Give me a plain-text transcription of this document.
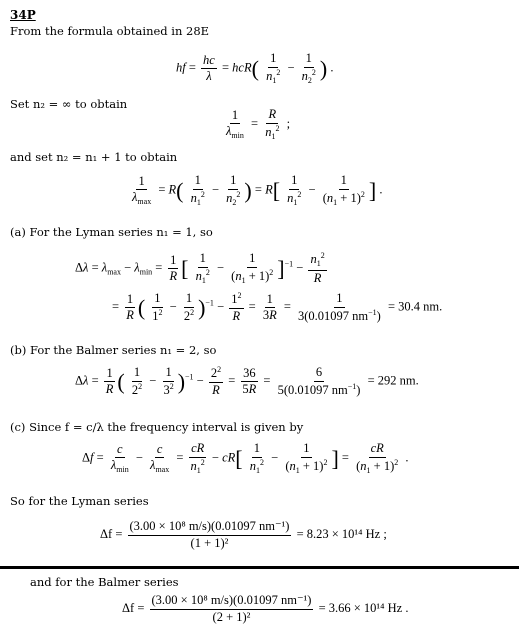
34P
From the formula obtained in 28E
hf = $\frac{hc}{\lambda} = hcR( \frac{1}{n_1^2} - \frac{1}{n_2^2}$ ) .
Set n₂ = ∞ to obtain
$\frac{1}{\lambda_{min}} = \frac{R}{n_1^2}$ ;
and set n₂ = n₁ + 1 to obtain
$\frac{1}{\lambda_{max}} = R( \frac{1}{n_1^2} - \frac{1}{n_2^2}$ ) = $R[ \frac{1}{n_1^2} - \frac{1}{(n_1 + 1)^2}$ ] .
(a) For the Lyman series n₁ = 1, so
$\Delta\lambda = \lambda_{max} - \lambda_{min} = \frac{1}{R}$ [ $\frac{1}{n_1^2} - \frac{1}{(n_1 + 1)^2} ]^{-1} - \frac{n_1^2}{R}$
= $\frac{1}{R}$ ( $\frac{1}{1^2} - \frac{1}{2^2} )^{-1} - \frac{1^2}{R} = \frac{1}{3R} = \frac{1}{3(0.01097 nm^{-1})} = 30.4$ nm.
(b) For the Balmer series n₁ = 2, so
$\Delta\lambda = \frac{1}{R}$ ( $\frac{1}{2^2} - \frac{1}{3^2} )^{-1} - \frac{2^2}{R} = \frac{36}{5R} = \frac{6}{5(0.01097 nm^{-1})} = 292$ nm.
(c) Since f = c/λ the frequency interval is given by
$\Delta f = \frac{c}{\lambda_{min}} - \frac{c}{\lambda_{max}} = \frac{cR}{n_1^2} - cR[ \frac{1}{n_1^2} - \frac{1}{(n_1 + 1)^2}$ ] = $\frac{cR}{(n_1 + 1)^2}$ .
So for the Lyman series
$\Delta f = \frac{\text{(3.00 × 10⁸ m/s)(0.01097 nm⁻¹)}}{\text{(1 + 1)²}} = 8.23 \times 10^{14}$ Hz ;
and for the Balmer series
$\Delta f = \frac{\text{(3.00 × 10⁸ m/s)(0.01097 nm⁻¹)}}{\text{(2 + 1)²}} = 3.66 \times 10^{14}$ Hz .
